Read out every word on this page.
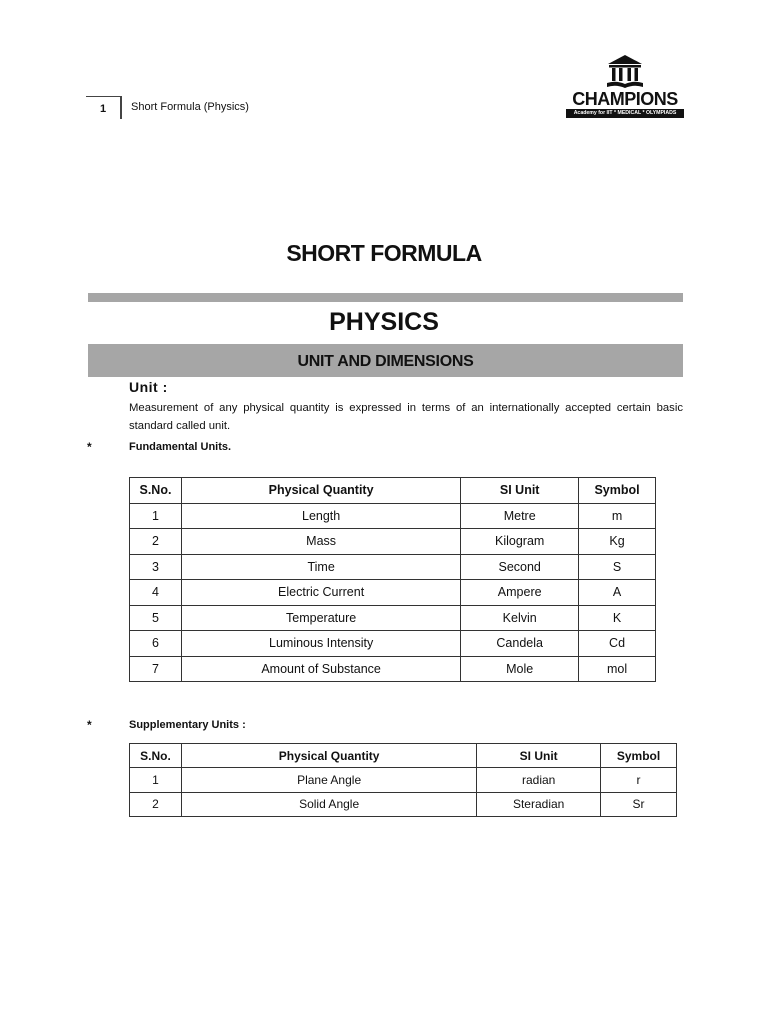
1	Short Formula (Physics)	CHAMPIONS
Academy for IIT * MEDICAL * OLYMPIADS
SHORT FORMULA
PHYSICS
UNIT AND DIMENSIONS
Unit :
Measurement of any physical quantity is expressed in terms of an internationally accepted certain basic standard called unit.
*	Fundamental Units.
S.No.	Physical Quantity	SI Unit	Symbol
1	Length	Metre	m
2	Mass	Kilogram	Kg
3	Time	Second	S
4	Electric Current	Ampere	A
5	Temperature	Kelvin	K
6	Luminous Intensity	Candela	Cd
7	Amount of Substance	Mole	mol
*	Supplementary Units :
S.No.	Physical Quantity	SI Unit	Symbol
1	Plane Angle	radian	r
2	Solid Angle	Steradian	Sr
